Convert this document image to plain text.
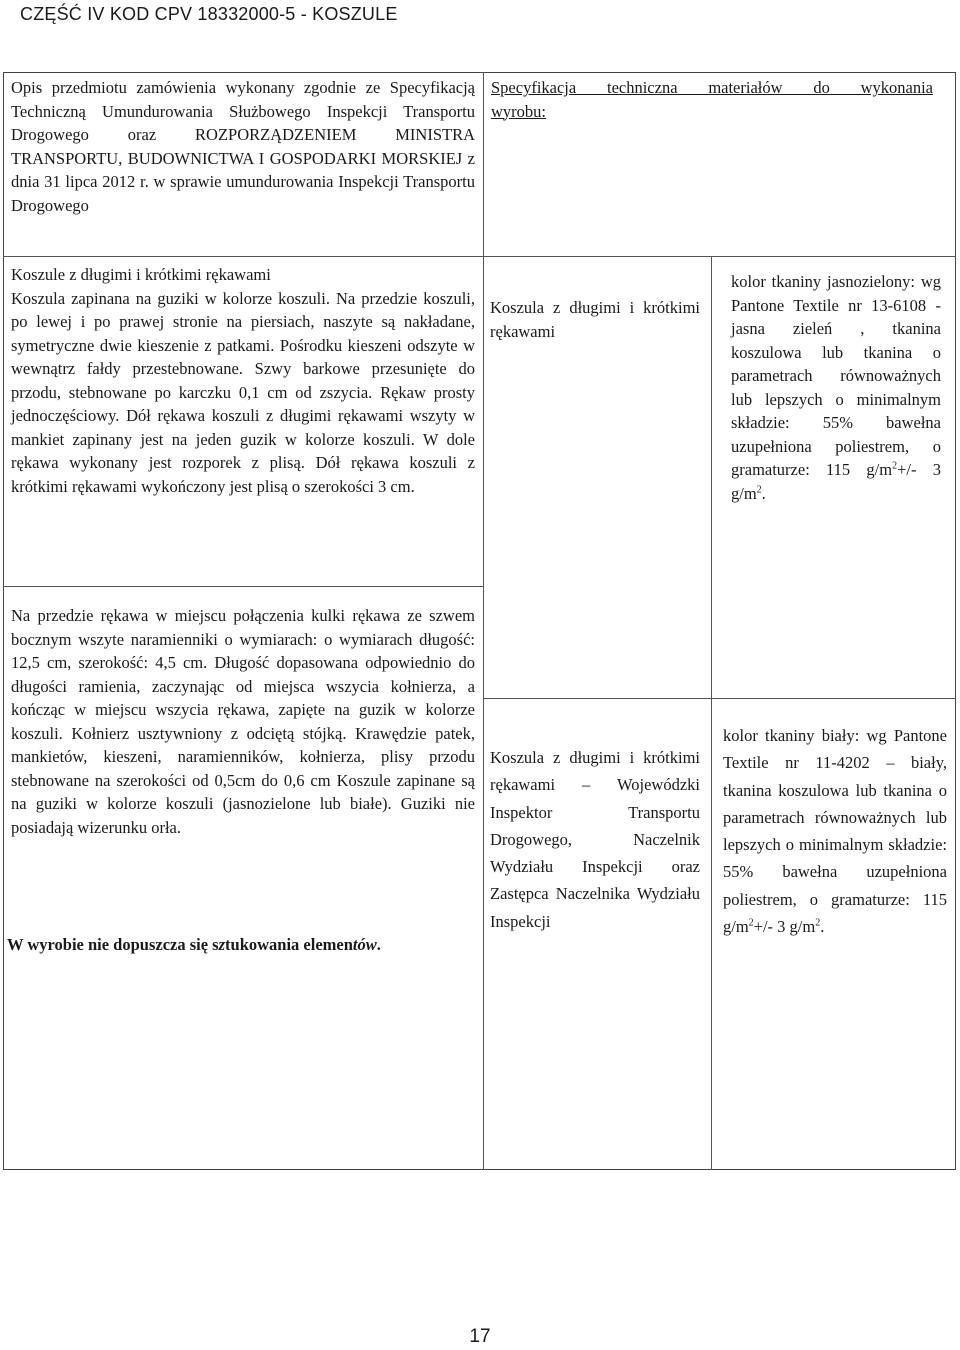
CZĘŚĆ IV KOD CPV 18332000-5 - KOSZULE

Opis przedmiotu zamówienia wykonany zgodnie ze Specyfikacją Techniczną Umundurowania Służbowego Inspekcji Transportu Drogowego oraz ROZPORZĄDZENIEM MINISTRA TRANSPORTU, BUDOWNICTWA I GOSPODARKI MORSKIEJ z dnia 31 lipca 2012 r. w sprawie umundurowania Inspekcji Transportu Drogowego

Specyfikacja techniczna materiałów do wykonania
wyrobu:

Koszule z długimi i krótkimi rękawami

Koszula zapinana na guziki w kolorze koszuli. Na przedzie koszuli, po lewej i po prawej stronie na piersiach, naszyte są nakładane, symetryczne dwie kieszenie z patkami. Pośrodku kieszeni odszyte w wewnątrz fałdy przestebnowane. Szwy barkowe przesunięte do przodu, stebnowane po karczku 0,1 cm od zszycia. Rękaw prosty jednoczęściowy. Dół rękawa koszuli z długimi rękawami wszyty w mankiet zapinany jest na jeden guzik w kolorze koszuli. W dole rękawa wykonany jest rozporek z plisą. Dół rękawa koszuli z krótkimi rękawami wykończony jest plisą o szerokości 3 cm.

Koszula z długimi i krótkimi rękawami

kolor tkaniny jasnozielony: wg Pantone Textile nr 13-6108 - jasna zieleń , tkanina koszulowa lub tkanina o parametrach równoważnych lub lepszych o minimalnym składzie: 55% bawełna uzupełniona poliestrem, o gramaturze: 115 $g/m^2+/-$ 3 $g/m^2$.

Na przedzie rękawa w miejscu połączenia kulki rękawa ze szwem bocznym wszyte naramienniki o wymiarach: o wymiarach długość: 12,5 cm, szerokość: 4,5 cm. Długość dopasowana odpowiednio do długości ramienia, zaczynając od miejsca wszycia kołnierza, a kończąc w miejscu wszycia rękawa, zapięte na guzik w kolorze koszuli. Kołnierz usztywniony z odciętą stójką. Krawędzie patek, mankietów, kieszeni, naramienników, kołnierza, plisy przodu stebnowane na szerokości od 0,5cm do 0,6 cm Koszule zapinane są na guziki w kolorze koszuli (jasnozielone lub białe). Guziki nie posiadają wizerunku orła.

W wyrobie nie dopuszcza się sztukowania elementów.

Koszula z długimi i krótkimi rękawami – Wojewódzki Inspektor Transportu Drogowego, Naczelnik Wydziału Inspekcji oraz Zastępca Naczelnika Wydziału Inspekcji

kolor tkaniny biały: wg Pantone Textile nr 11-4202 – biały, tkanina koszulowa lub tkanina o parametrach równoważnych lub lepszych o minimalnym składzie: 55% bawełna uzupełniona poliestrem, o gramaturze: 115 $g/m^2+/-$ 3 $g/m^2$.

17
